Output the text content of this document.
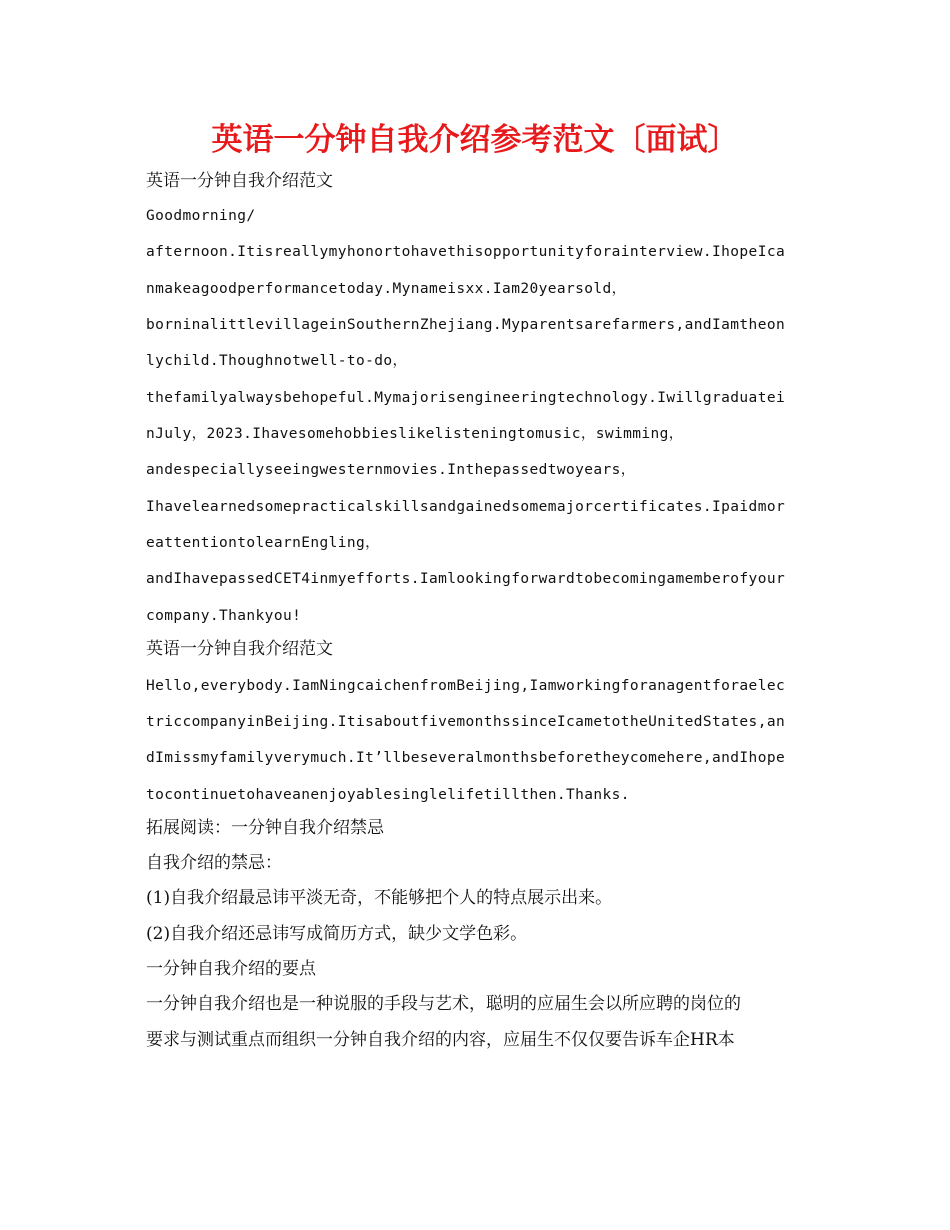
英语一分钟自我介绍参考范文〔面试〕
英语一分钟自我介绍范文
Goodmorning/
afternoon.Itisreallymyhonortohavethisopportunityforainterview.IhopeIca
nmakeagoodperformancetoday.Mynameisxx.Iam20yearsold，
borninalittlevillageinSouthernZhejiang.Myparentsarefarmers,andIamtheon
lychild.Thoughnotwell-to-do，
thefamilyalwaysbehopeful.Mymajorisengineeringtechnology.Iwillgraduatei
nJuly，2023.Ihavesomehobbieslikelisteningtomusic，swimming，
andespeciallyseeingwesternmovies.Inthepassedtwoyears，
Ihavelearnedsomepracticalskillsandgainedsomemajorcertificates.Ipaidmor
eattentiontolearnEngling，
andIhavepassedCET4inmyefforts.Iamlookingforwardtobecomingamemberofyour
company.Thankyou!
英语一分钟自我介绍范文
Hello,everybody.IamNingcaichenfromBeijing,Iamworkingforanagentforaelec
triccompanyinBeijing.ItisaboutfivemonthssinceIcametotheUnitedStates,an
dImissmyfamilyverymuch.It’llbeseveralmonthsbeforetheycomehere,andIhope
tocontinuetohaveanenjoyablesinglelifetillthen.Thanks.
拓展阅读：一分钟自我介绍禁忌
自我介绍的禁忌：
(1)自我介绍最忌讳平淡无奇，不能够把个人的特点展示出来。
(2)自我介绍还忌讳写成简历方式，缺少文学色彩。
一分钟自我介绍的要点
一分钟自我介绍也是一种说服的手段与艺术，聪明的应届生会以所应聘的岗位的
要求与测试重点而组织一分钟自我介绍的内容，应届生不仅仅要告诉车企HR本
